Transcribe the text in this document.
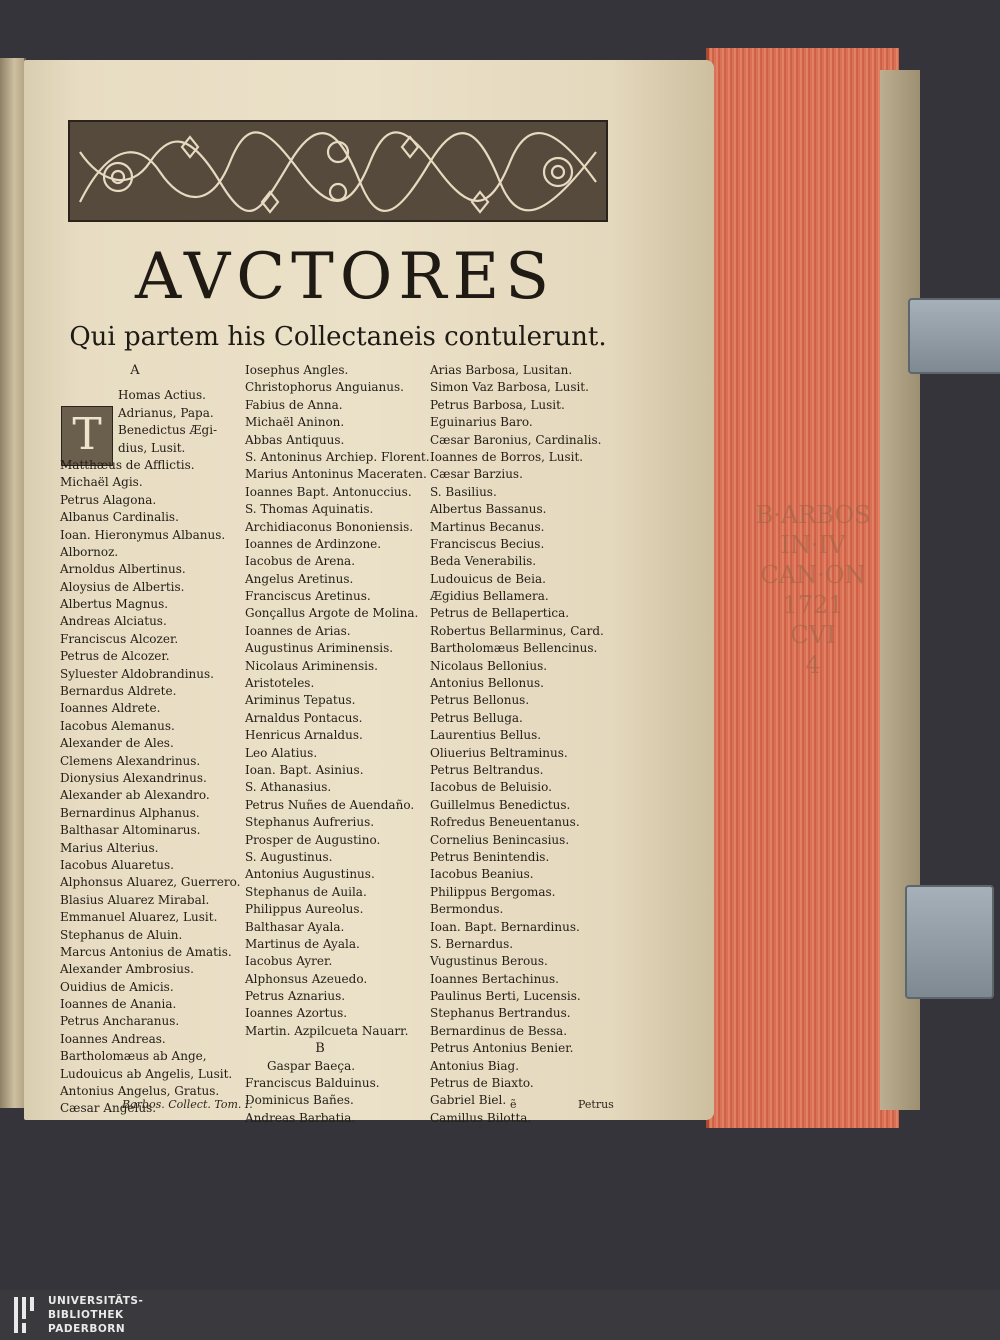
B·ARBOS
IN·IV
CAN·ON
1721
CVI
4
AVCTORES
Qui partem his Collectaneis contulerunt.
T
A
Homas Actius.
Adrianus, Papa.
Benedictus Ægi-
dius, Lusit.
Matthæus de Afflictis.
Michaël Agis.
Petrus Alagona.
Albanus Cardinalis.
Ioan. Hieronymus Albanus.
Albornoz.
Arnoldus Albertinus.
Aloysius de Albertis.
Albertus Magnus.
Andreas Alciatus.
Franciscus Alcozer.
Petrus de Alcozer.
Syluester Aldobrandinus.
Bernardus Aldrete.
Ioannes Aldrete.
Iacobus Alemanus.
Alexander de Ales.
Clemens Alexandrinus.
Dionysius Alexandrinus.
Alexander ab Alexandro.
Bernardinus Alphanus.
Balthasar Altominarus.
Marius Alterius.
Iacobus Aluaretus.
Alphonsus Aluarez, Guerrero.
Blasius Aluarez Mirabal.
Emmanuel Aluarez, Lusit.
Stephanus de Aluin.
Marcus Antonius de Amatis.
Alexander Ambrosius.
Ouidius de Amicis.
Ioannes de Anania.
Petrus Ancharanus.
Ioannes Andreas.
Bartholomæus ab Ange,
Ludouicus ab Angelis, Lusit.
Antonius Angelus, Gratus.
Cæsar Angelus.
Iosephus Angles.
Christophorus Anguianus.
Fabius de Anna.
Michaël Aninon.
Abbas Antiquus.
S. Antoninus Archiep. Florent.
Marius Antoninus Maceraten.
Ioannes Bapt. Antonuccius.
S. Thomas Aquinatis.
Archidiaconus Bononiensis.
Ioannes de Ardinzone.
Iacobus de Arena.
Angelus Aretinus.
Franciscus Aretinus.
Gonçallus Argote de Molina.
Ioannes de Arias.
Augustinus Ariminensis.
Nicolaus Ariminensis.
Aristoteles.
Ariminus Tepatus.
Arnaldus Pontacus.
Henricus Arnaldus.
Leo Alatius.
Ioan. Bapt. Asinius.
S. Athanasius.
Petrus Nuñes de Auendaño.
Stephanus Aufrerius.
Prosper de Augustino.
S. Augustinus.
Antonius Augustinus.
Stephanus de Auila.
Philippus Aureolus.
Balthasar Ayala.
Martinus de Ayala.
Iacobus Ayrer.
Alphonsus Azeuedo.
Petrus Aznarius.
Ioannes Azortus.
Martin. Azpilcueta Nauarr.
B
Gaspar Baeça.
Franciscus Balduinus.
Dominicus Bañes.
Andreas Barbatia.
Arias Barbosa, Lusitan.
Simon Vaz Barbosa, Lusit.
Petrus Barbosa, Lusit.
Eguinarius Baro.
Cæsar Baronius, Cardinalis.
Ioannes de Borros, Lusit.
Cæsar Barzius.
S. Basilius.
Albertus Bassanus.
Martinus Becanus.
Franciscus Becius.
Beda Venerabilis.
Ludouicus de Beia.
Ægidius Bellamera.
Petrus de Bellapertica.
Robertus Bellarminus, Card.
Bartholomæus Bellencinus.
Nicolaus Bellonius.
Antonius Bellonus.
Petrus Bellonus.
Petrus Belluga.
Laurentius Bellus.
Oliuerius Beltraminus.
Petrus Beltrandus.
Iacobus de Beluisio.
Guillelmus Benedictus.
Rofredus Beneuentanus.
Cornelius Benincasius.
Petrus Benintendis.
Iacobus Beanius.
Philippus Bergomas.
Bermondus.
Ioan. Bapt. Bernardinus.
S. Bernardus.
Vugustinus Berous.
Ioannes Bertachinus.
Paulinus Berti, Lucensis.
Stephanus Bertrandus.
Bernardinus de Bessa.
Petrus Antonius Benier.
Antonius Biag.
Petrus de Biaxto.
Gabriel Biel.
Camillus Bilotta.
Barbos. Collect. Tom. I.	ẽ	Petrus
UNIVERSITÄTS-
BIBLIOTHEK
PADERBORN
